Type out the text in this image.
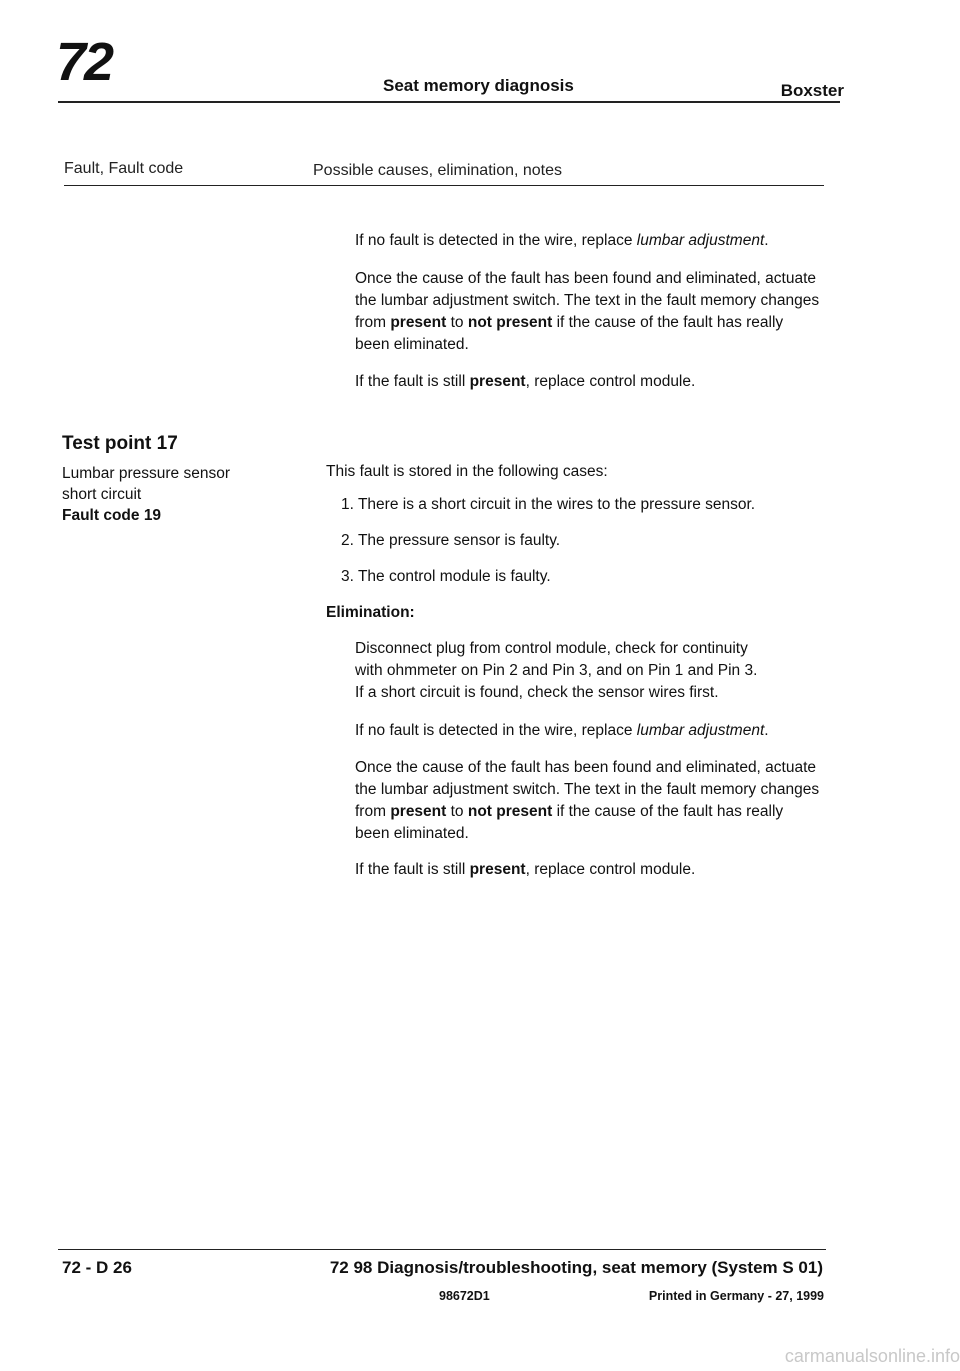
72	Seat memory diagnosis	Boxster
Fault, Fault code	Possible causes, elimination, notes

If no fault is detected in the wire, replace lumbar adjustment.

Once the cause of the fault has been found and eliminated, actuate
the lumbar adjustment switch. The text in the fault memory changes
from present to not present if the cause of the fault has really
been eliminated.

If the fault is still present, replace control module.

Test point 17
Lumbar pressure sensor
short circuit
Fault code 19

This fault is stored in the following cases:

1. There is a short circuit in the wires to the pressure sensor.

2. The pressure sensor is faulty.

3. The control module is faulty.

Elimination:

Disconnect plug from control module, check for continuity
with ohmmeter on Pin 2 and Pin 3, and on Pin 1 and Pin 3.
If a short circuit is found, check the sensor wires first.

If no fault is detected in the wire, replace lumbar adjustment.

Once the cause of the fault has been found and eliminated, actuate
the lumbar adjustment switch. The text in the fault memory changes
from present to not present if the cause of the fault has really
been eliminated.

If the fault is still present, replace control module.

72 - D 26	72 98 Diagnosis/troubleshooting, seat memory (System S 01)
98672D1	Printed in Germany - 27, 1999
carmanualsonline.info
